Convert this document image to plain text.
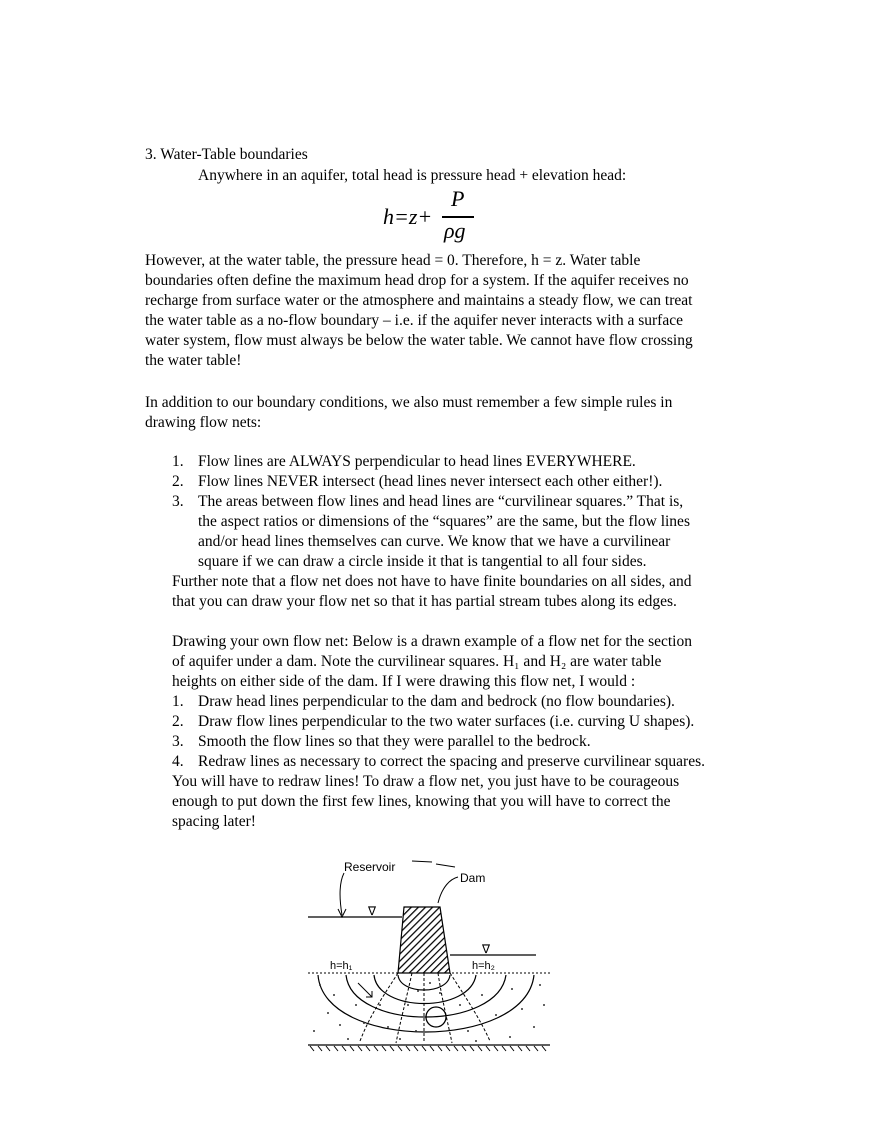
3. Water-Table boundaries
Anywhere in an aquifer, total head is pressure head + elevation head:
h=z+
P
ρg
However, at the water table, the pressure head = 0. Therefore, h = z. Water table
boundaries often define the maximum head drop for a system. If the aquifer receives no
recharge from surface water or the atmosphere and maintains a steady flow, we can treat
the water table as a no-flow boundary – i.e. if the aquifer never interacts with a surface
water system, flow must always be below the water table. We cannot have flow crossing
the water table!
In addition to our boundary conditions, we also must remember a few simple rules in
drawing flow nets:
1. Flow lines are ALWAYS perpendicular to head lines EVERYWHERE.
2. Flow lines NEVER intersect (head lines never intersect each other either!).
3. The areas between flow lines and head lines are “curvilinear squares.” That is,
the aspect ratios or dimensions of the “squares” are the same, but the flow lines
and/or head lines themselves can curve. We know that we have a curvilinear
square if we can draw a circle inside it that is tangential to all four sides.
Further note that a flow net does not have to have finite boundaries on all sides, and
that you can draw your flow net so that it has partial stream tubes along its edges.
Drawing your own flow net: Below is a drawn example of a flow net for the section
of aquifer under a dam. Note the curvilinear squares. H₁ and H₂ are water table
heights on either side of the dam. If I were drawing this flow net, I would :
1. Draw head lines perpendicular to the dam and bedrock (no flow boundaries).
2. Draw flow lines perpendicular to the two water surfaces (i.e. curving U shapes).
3. Smooth the flow lines so that they were parallel to the bedrock.
4. Redraw lines as necessary to correct the spacing and preserve curvilinear squares.
You will have to redraw lines! To draw a flow net, you just have to be courageous
enough to put down the first few lines, knowing that you will have to correct the
spacing later!
Reservoir
Dam
∇
∇
h=h₁	h=h₂
